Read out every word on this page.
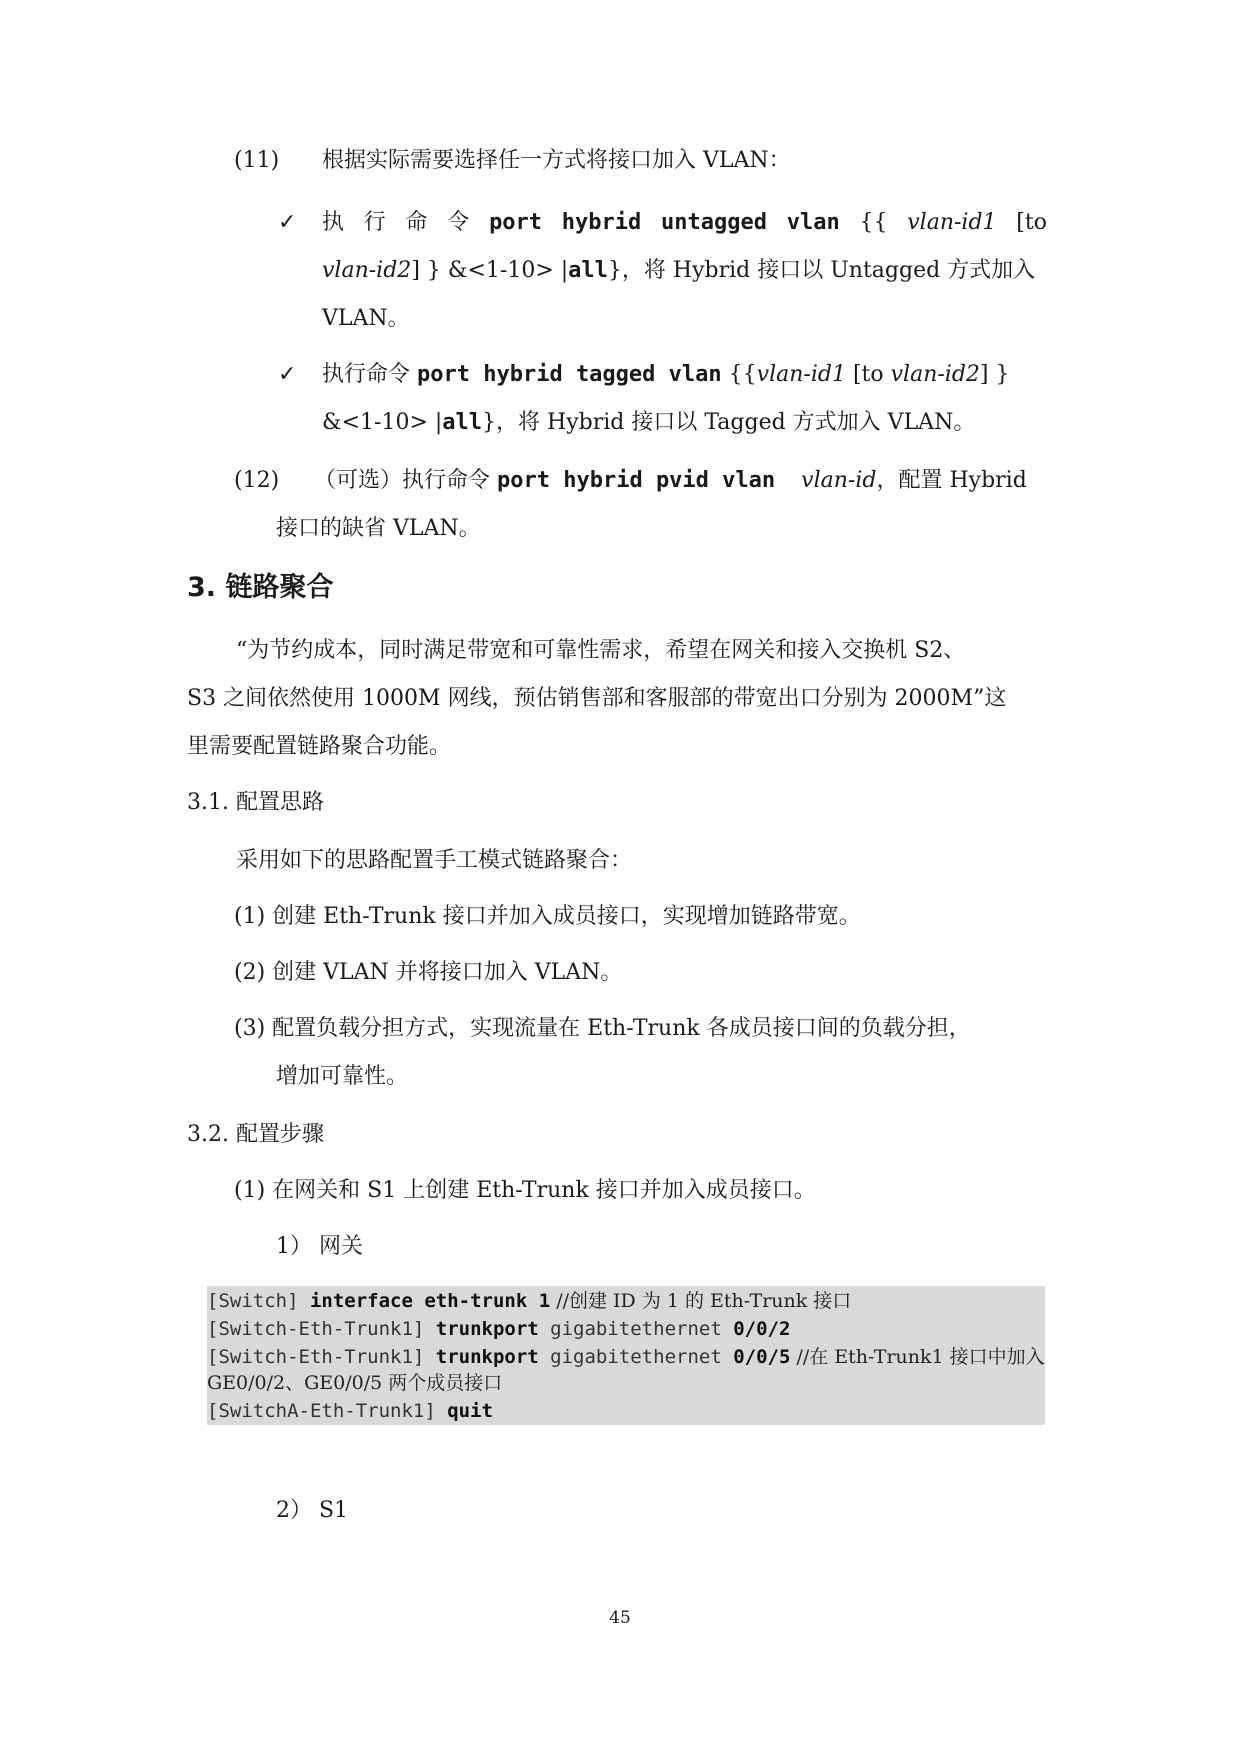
(11) 根据实际需要选择任一方式将接口加入 VLAN：
✓ 执 行 命 令 port hybrid untagged vlan {{ vlan-id1 [to
vlan-id2] } &<1-10> |all}，将 Hybrid 接口以 Untagged 方式加入
VLAN。
✓ 执行命令 port hybrid tagged vlan {{vlan-id1 [to vlan-id2] }
&<1-10> |all}，将 Hybrid 接口以 Tagged 方式加入 VLAN。
(12) （可选）执行命令 port hybrid pvid vlan vlan-id，配置 Hybrid
接口的缺省 VLAN。
3. 链路聚合
“为节约成本，同时满足带宽和可靠性需求，希望在网关和接入交换机 S2、
S3 之间依然使用 1000M 网线，预估销售部和客服部的带宽出口分别为 2000M”这
里需要配置链路聚合功能。
3.1. 配置思路
采用如下的思路配置手工模式链路聚合：
(1) 创建 Eth-Trunk 接口并加入成员接口，实现增加链路带宽。
(2) 创建 VLAN 并将接口加入 VLAN。
(3) 配置负载分担方式，实现流量在 Eth-Trunk 各成员接口间的负载分担，
增加可靠性。
3.2. 配置步骤
(1) 在网关和 S1 上创建 Eth-Trunk 接口并加入成员接口。
1） 网关
[Switch] interface eth-trunk 1 //创建 ID 为 1 的 Eth-Trunk 接口
[Switch-Eth-Trunk1] trunkport gigabitethernet 0/0/2
[Switch-Eth-Trunk1] trunkport gigabitethernet 0/0/5 //在 Eth-Trunk1 接口中加入
GE0/0/2、GE0/0/5 两个成员接口
[SwitchA-Eth-Trunk1] quit
2） S1
45
